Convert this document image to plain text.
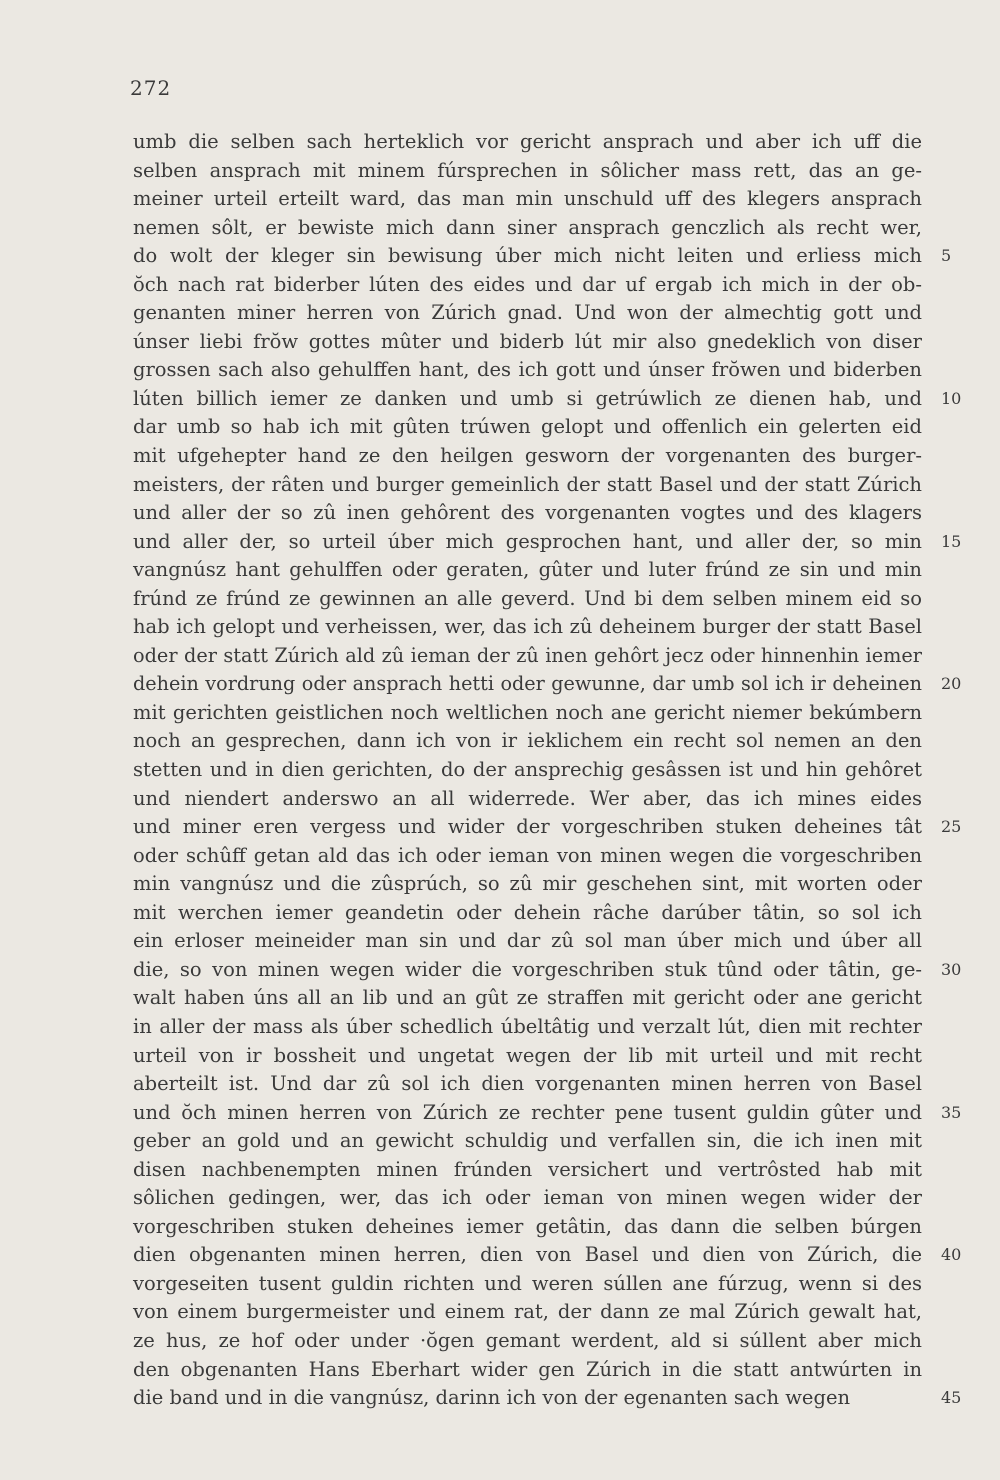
272
umb die selben sach herteklich vor gericht ansprach und aber ich uff die
selben ansprach mit minem fúrsprechen in sôlicher mass rett, das an ge-
meiner urteil erteilt ward, das man min unschuld uff des klegers ansprach
nemen sôlt, er bewiste mich dann siner ansprach genczlich als recht wer,
do wolt der kleger sin bewisung úber mich nicht leiten und erliess mich 5
ŏch nach rat biderber lúten des eides und dar uf ergab ich mich in der ob-
genanten miner herren von Zúrich gnad. Und won der almechtig gott und
únser liebi frŏw gottes mûter und biderb lút mir also gnedeklich von diser
grossen sach also gehulffen hant, des ich gott und únser frŏwen und biderben
lúten billich iemer ze danken und umb si getrúwlich ze dienen hab, und 10
dar umb so hab ich mit gûten trúwen gelopt und offenlich ein gelerten eid
mit ufgehepter hand ze den heilgen gesworn der vorgenanten des burger-
meisters, der râten und burger gemeinlich der statt Basel und der statt Zúrich
und aller der so zû inen gehôrent des vorgenanten vogtes und des klagers
und aller der, so urteil úber mich gesprochen hant, und aller der, so min 15
vangnúsz hant gehulffen oder geraten, gûter und luter frúnd ze sin und min
frúnd ze frúnd ze gewinnen an alle geverd. Und bi dem selben minem eid so
hab ich gelopt und verheissen, wer, das ich zû deheinem burger der statt Basel
oder der statt Zúrich ald zû ieman der zû inen gehôrt jecz oder hinnenhin iemer
dehein vordrung oder ansprach hetti oder gewunne, dar umb sol ich ir deheinen 20
mit gerichten geistlichen noch weltlichen noch ane gericht niemer bekúmbern
noch an gesprechen, dann ich von ir ieklichem ein recht sol nemen an den
stetten und in dien gerichten, do der ansprechig gesâssen ist und hin gehôret
und niendert anderswo an all widerrede. Wer aber, das ich mines eides
und miner eren vergess und wider der vorgeschriben stuken deheines tât 25
oder schûff getan ald das ich oder ieman von minen wegen die vorgeschriben
min vangnúsz und die zûsprúch, so zû mir geschehen sint, mit worten oder
mit werchen iemer geandetin oder dehein râche darúber tâtin, so sol ich
ein erloser meineider man sin und dar zû sol man úber mich und úber all
die, so von minen wegen wider die vorgeschriben stuk tûnd oder tâtin, ge- 30
walt haben úns all an lib und an gût ze straffen mit gericht oder ane gericht
in aller der mass als úber schedlich úbeltâtig und verzalt lút, dien mit rechter
urteil von ir bossheit und ungetat wegen der lib mit urteil und mit recht
aberteilt ist. Und dar zû sol ich dien vorgenanten minen herren von Basel
und ŏch minen herren von Zúrich ze rechter pene tusent guldin gûter und 35
geber an gold und an gewicht schuldig und verfallen sin, die ich inen mit
disen nachbenempten minen frúnden versichert und vertrôsted hab mit
sôlichen gedingen, wer, das ich oder ieman von minen wegen wider der
vorgeschriben stuken deheines iemer getâtin, das dann die selben búrgen
dien obgenanten minen herren, dien von Basel und dien von Zúrich, die 40
vorgeseiten tusent guldin richten und weren súllen ane fúrzug, wenn si des
von einem burgermeister und einem rat, der dann ze mal Zúrich gewalt hat,
ze hus, ze hof oder under ·ŏgen gemant werdent, ald si súllent aber mich
den obgenanten Hans Eberhart wider gen Zúrich in die statt antwúrten in
die band und in die vangnúsz, darinn ich von der egenanten sach wegen	45
